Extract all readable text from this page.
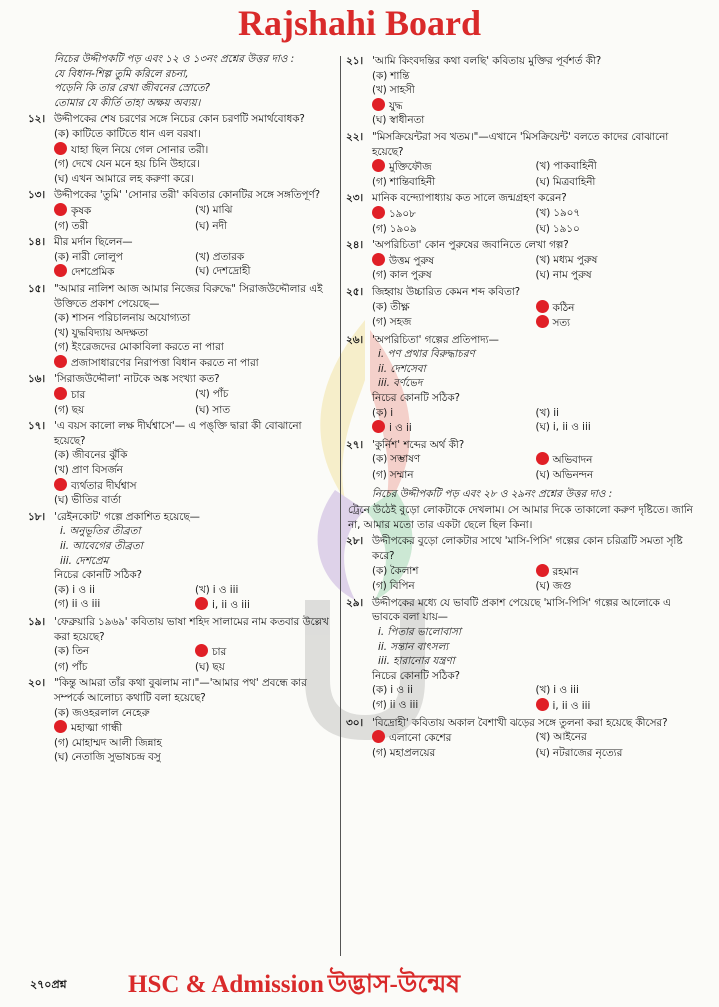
Rajshahi Board
নিচের উদ্দীপকটি পড় এবং ১২ ও ১৩নং প্রশ্নের উত্তর দাও :
যে বিধান-শিল্প তুমি করিলে রচনা,
পড়েনি কি তার রেখা জীবনের স্রোতে?
তোমার যে কীর্তি তাহা অক্ষয় অব্যয়।
১২। উদ্দীপকের শেষ চরণের সঙ্গে নিচের কোন চরণটি সমার্থবোধক?
(ক) কাটিতে কাটিতে ধান এল বরষা।
যাহা ছিল নিয়ে গেল সোনার তরী।
(গ) দেখে যেন মনে হয় চিনি উহারে।
(ঘ) এখন আমারে লহ করুণা করে।
১৩। উদ্দীপকের 'তুমি' 'সোনার তরী' কবিতার কোনটির সঙ্গে সঙ্গতিপূর্ণ?
কৃষক	(খ) মাঝি
(গ) তরী	(ঘ) নদী
১৪। মীর মর্দান ছিলেন—
(ক) নারী লোলুপ	(খ) প্রতারক
দেশপ্রেমিক	(ঘ) দেশদ্রোহী
১৫। "আমার নালিশ আজ আমার নিজের বিরুদ্ধে" সিরাজউদ্দৌলার এই উক্তিতে প্রকাশ পেয়েছে—
(ক) শাসন পরিচালনায় অযোগ্যতা
(খ) যুদ্ধবিদ্যায় অদক্ষতা
(গ) ইংরেজদের মোকাবিলা করতে না পারা
প্রজাসাধারণের নিরাপত্তা বিধান করতে না পারা
১৬। 'সিরাজউদ্দৌলা' নাটকে অঙ্ক সংখ্যা কত?
চার	(খ) পাঁচ
(গ) ছয়	(ঘ) সাত
১৭। 'এ বয়স কালো লক্ষ দীর্ঘশ্বাসে'— এ পঙ্‌ক্তি দ্বারা কী বোঝানো হয়েছে?
(ক) জীবনের ঝুঁকি
(খ) প্রাণ বিসর্জন
ব্যর্থতার দীর্ঘশ্বাস
(ঘ) ভীতির বার্তা
১৮। 'রেইনকোট' গল্পে প্রকাশিত হয়েছে—
i. অনুভূতির তীব্রতা
ii. আবেগের তীব্রতা
iii. দেশপ্রেম
নিচের কোনটি সঠিক?
(ক) i ও ii	(খ) i ও iii
(গ) ii ও iii	i, ii ও iii
১৯। 'ফেব্রুয়ারি ১৯৬৯' কবিতায় ভাষা শহিদ সালামের নাম কতবার উল্লেখ করা হয়েছে?
(ক) তিন	চার
(গ) পাঁচ	(ঘ) ছয়
২০। "কিন্তু আমরা তাঁর কথা বুঝলাম না।"—'আমার পথ' প্রবন্ধে কার সম্পর্কে আলোচ্য কথাটি বলা হয়েছে?
(ক) জওহরলাল নেহেরু
মহাত্মা গান্ধী
(গ) মোহাম্মদ আলী জিন্নাহ
(ঘ) নেতাজি সুভাষচন্দ্র বসু
২১। 'আমি কিংবদন্তির কথা বলছি' কবিতায় মুক্তির পূর্বশর্ত কী?
(ক) শান্তি
(খ) সাহসী
যুদ্ধ
(ঘ) স্বাধীনতা
২২। "মিসক্রিয়েন্টরা সব খতম।"—এখানে 'মিসক্রিয়েন্ট' বলতে কাদের বোঝানো হয়েছে?
মুক্তিফৌজ	(খ) পাকবাহিনী
(গ) শান্তিবাহিনী	(ঘ) মিত্রবাহিনী
২৩। মানিক বন্দ্যোপাধ্যায় কত সালে জন্মগ্রহণ করেন?
১৯০৮	(খ) ১৯০৭
(গ) ১৯০৯	(ঘ) ১৯১০
২৪। 'অপরিচিতা' কোন পুরুষের জবানিতে লেখা গল্প?
উত্তম পুরুষ	(খ) মধ্যম পুরুষ
(গ) কাল পুরুষ	(ঘ) নাম পুরুষ
২৫। জিহ্বায় উচ্চারিত কেমন শব্দ কবিতা?
(ক) তীক্ষ্ণ	কঠিন
(গ) সহজ	সত্য
২৬। 'অপরিচিতা' গল্পের প্রতিপাদ্য—
i. পণ প্রথার বিরুদ্ধাচরণ
ii. দেশসেবা
iii. বর্ণভেদ
নিচের কোনটি সঠিক?
(ক) i	(খ) ii
i ও ii	(ঘ) i, ii ও iii
২৭। 'কুর্নিশ' শব্দের অর্থ কী?
(ক) সম্ভাষণ	অভিবাদন
(গ) সম্মান	(ঘ) অভিনন্দন
নিচের উদ্দীপকটি পড় এবং ২৮ ও ২৯নং প্রশ্নের উত্তর দাও :
ট্রেনে উঠেই বুড়ো লোকটাকে দেখলাম। সে আমার দিকে তাকালো করুণ দৃষ্টিতে। জানি না, আমার মতো তার একটা ছেলে ছিল কিনা।
২৮। উদ্দীপকের বুড়ো লোকটার সাথে 'মাসি-পিসি' গল্পের কোন চরিত্রটি সমতা সৃষ্টি করে?
(ক) কৈলাশ	রহমান
(গ) বিপিন	(ঘ) জগু
২৯। উদ্দীপকের মধ্যে যে ভাবটি প্রকাশ পেয়েছে 'মাসি-পিসি' গল্পের আলোকে এ ভাবকে বলা যায়—
i. পিতার ভালোবাসা
ii. সন্তান বাৎসল্য
iii. হারানোর যন্ত্রণা
নিচের কোনটি সঠিক?
(ক) i ও ii	(খ) i ও iii
(গ) ii ও iii	i, ii ও iii
৩০। 'বিদ্রোহী' কবিতায় অকাল বৈশাখী ঝড়ের সঙ্গে তুলনা করা হয়েছে কীসের?
এলানো কেশের	(খ) আইনের
(গ) মহাপ্রলয়ের	(ঘ) নটরাজের নৃত্যের
২৭০প্রশ্ন HSC & Admission উদ্ভাস-উন্মেষ
